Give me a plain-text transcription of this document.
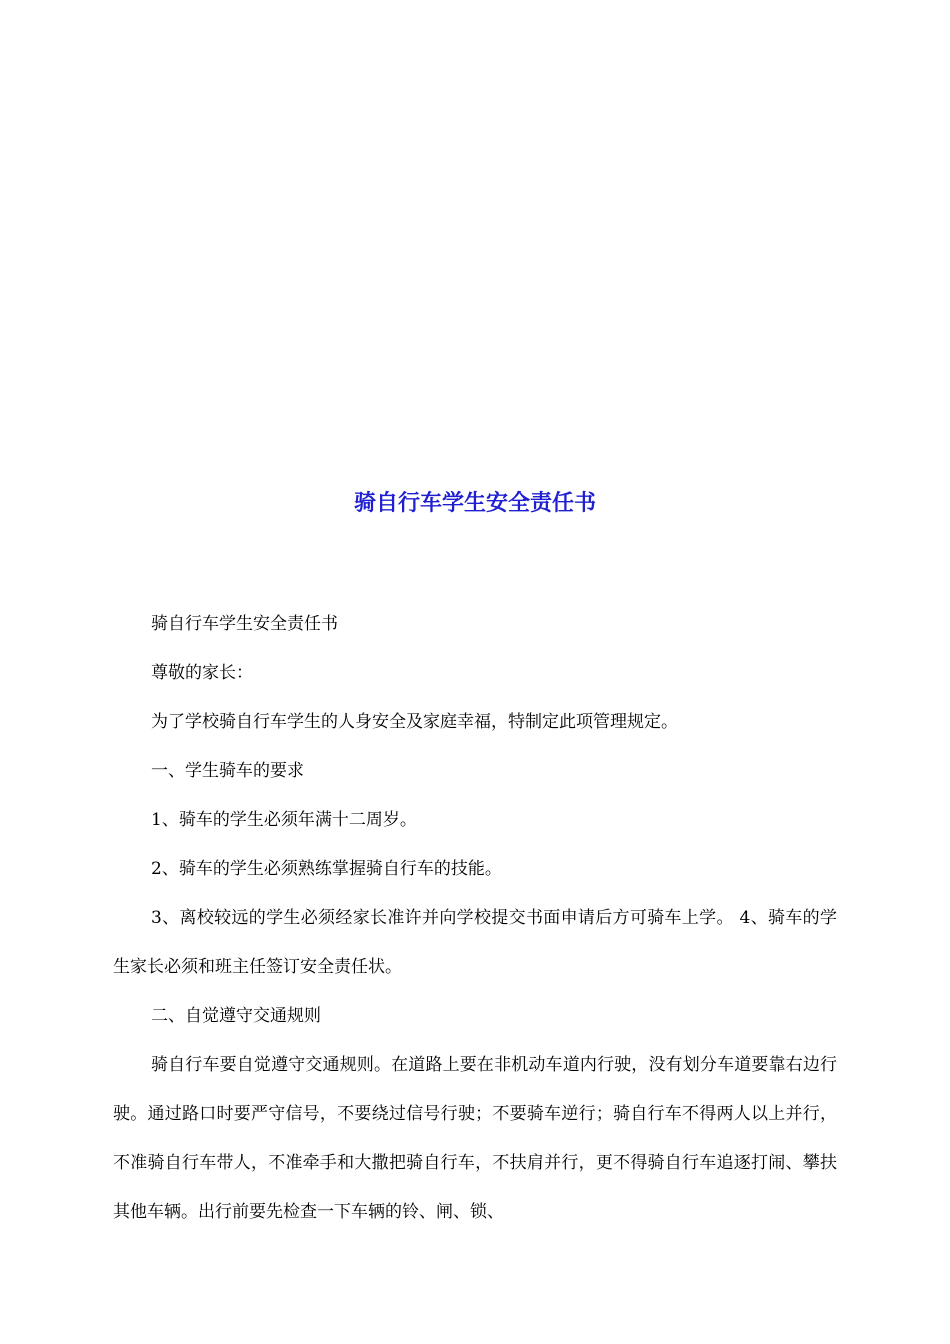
骑自行车学生安全责任书

骑自行车学生安全责任书

尊敬的家长：

为了学校骑自行车学生的人身安全及家庭幸福，特制定此项管理规定。

一、学生骑车的要求

1、骑车的学生必须年满十二周岁。

2、骑车的学生必须熟练掌握骑自行车的技能。

3、离校较远的学生必须经家长准许并向学校提交书面申请后方可骑车上学。 4、骑车的学生家长必须和班主任签订安全责任状。

二、自觉遵守交通规则

骑自行车要自觉遵守交通规则。在道路上要在非机动车道内行驶，没有划分车道要靠右边行驶。通过路口时要严守信号，不要绕过信号行驶；不要骑车逆行；骑自行车不得两人以上并行，不准骑自行车带人，不准牵手和大撒把骑自行车，不扶肩并行，更不得骑自行车追逐打闹、攀扶其他车辆。出行前要先检查一下车辆的铃、闸、锁、
